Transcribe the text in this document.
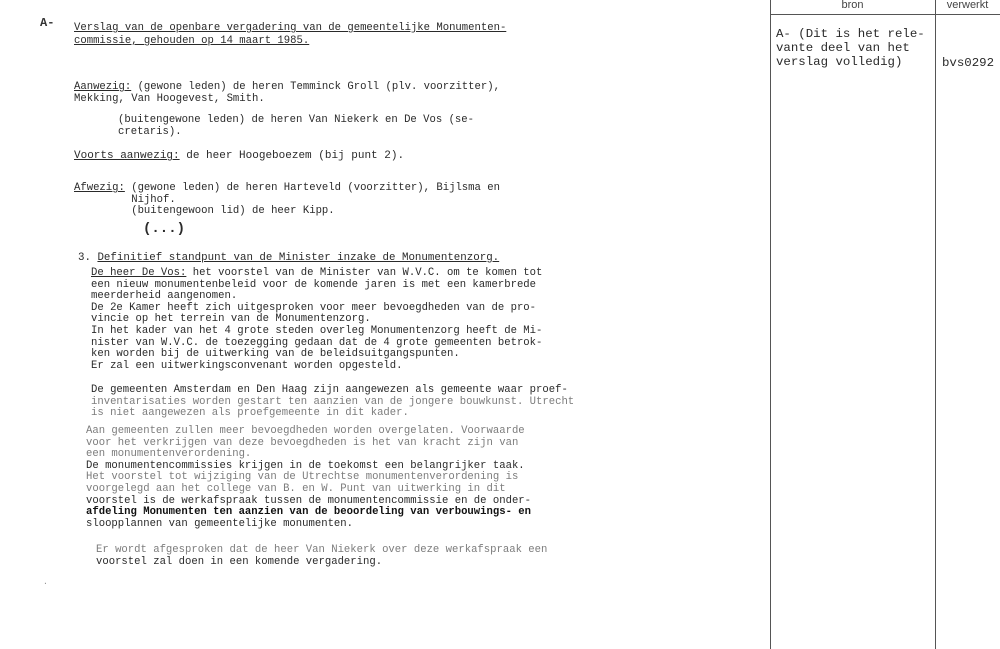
A- Verslag van de openbare vergadering van de gemeentelijke Monumenten-
commissie, gehouden op 14 maart 1985.
Aanwezig: (gewone leden) de heren Temminck Groll (plv. voorzitter),
Mekking, Van Hoogevest, Smith.
(buitengewone leden) de heren Van Niekerk en De Vos (se-
cretaris).
Voorts aanwezig: de heer Hoogeboezem (bij punt 2).
Afwezig: (gewone leden) de heren Harteveld (voorzitter), Bijlsma en
Nijhof.
(buitengewoon lid) de heer Kipp.
(...)
3. Definitief standpunt van de Minister inzake de Monumentenzorg.
De heer De Vos: het voorstel van de Minister van W.V.C. om te komen tot
een nieuw monumentenbeleid voor de komende jaren is met een kamerbrede
meerderheid aangenomen.
De 2e Kamer heeft zich uitgesproken voor meer bevoegdheden van de pro-
vincie op het terrein van de Monumentenzorg.
In het kader van het 4 grote steden overleg Monumentenzorg heeft de Mi-
nister van W.V.C. de toezegging gedaan dat de 4 grote gemeenten betrok-
ken worden bij de uitwerking van de beleidsuitgangspunten.
Er zal een uitwerkingsconvenant worden opgesteld.
De gemeenten Amsterdam en Den Haag zijn aangewezen als gemeente waar proef-
inventarisaties worden gestart ten aanzien van de jongere bouwkunst. Utrecht
is niet aangewezen als proefgemeente in dit kader.
Aan gemeenten zullen meer bevoegdheden worden overgelaten. Voorwaarde
voor het verkrijgen van deze bevoegdheden is het van kracht zijn van
een monumentenverordening.
De monumentencommissies krijgen in de toekomst een belangrijker taak.
Het voorstel tot wijziging van de Utrechtse monumentenverordening is
voorgelegd aan het college van B. en W. Punt van uitwerking in dit
voorstel is de werkafspraak tussen de monumentencommissie en de onder-
afdeling Monumenten ten aanzien van de beoordeling van verbouwings- en
sloopplannen van gemeentelijke monumenten.
Er wordt afgesproken dat de heer Van Niekerk over deze werkafspraak een
voorstel zal doen in een komende vergadering.
.
bron	verwerkt
A- (Dit is het rele-
vante deel van het
verslag volledig)	bvs0292
